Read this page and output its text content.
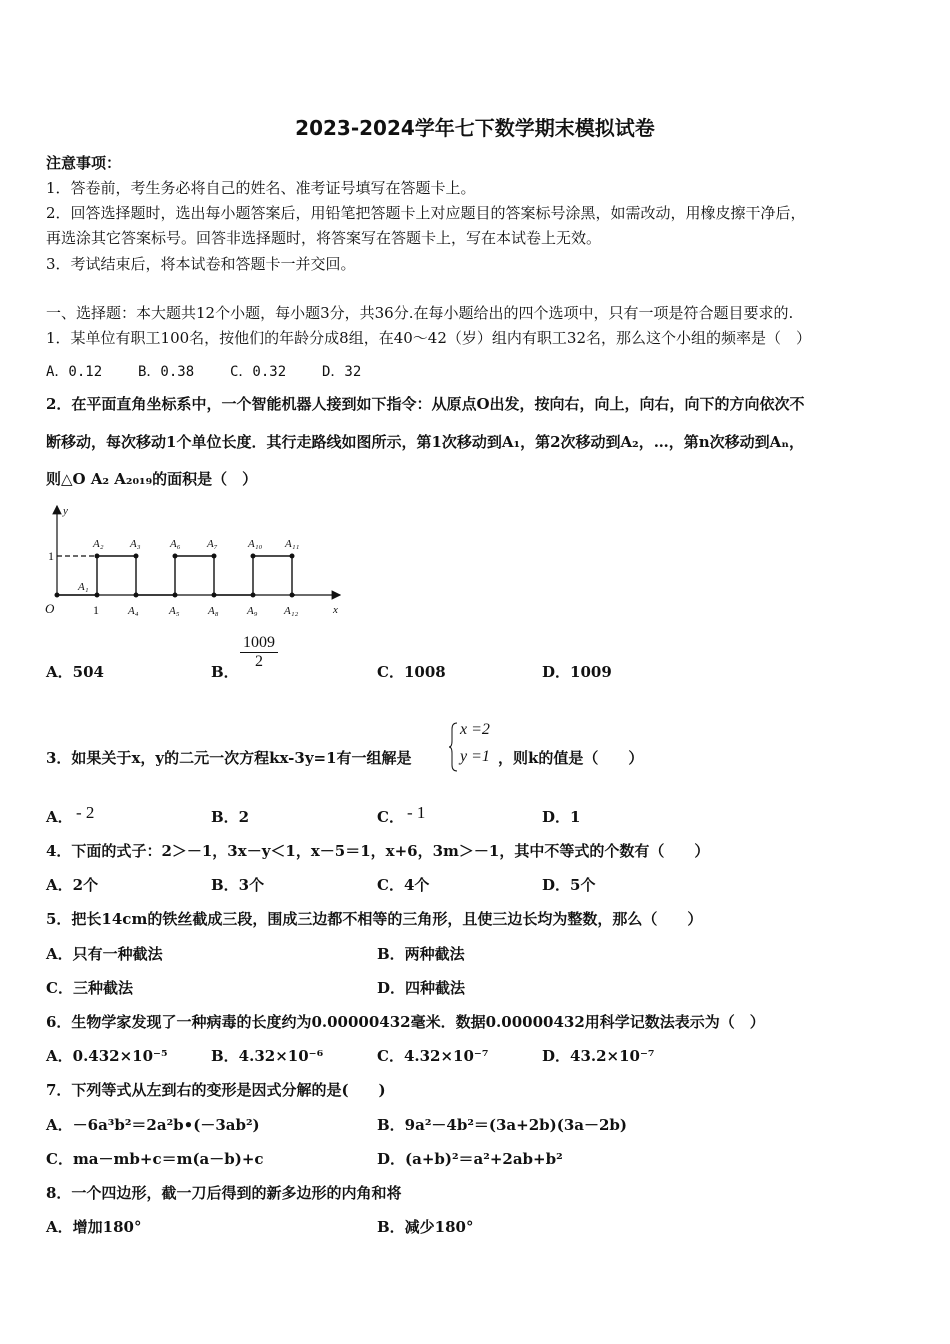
2023-2024学年七下数学期末模拟试卷
注意事项：
1．答卷前，考生务必将自己的姓名、准考证号填写在答题卡上。
2．回答选择题时，选出每小题答案后，用铅笔把答题卡上对应题目的答案标号涂黑，如需改动，用橡皮擦干净后，
再选涂其它答案标号。回答非选择题时，将答案写在答题卡上，写在本试卷上无效。
3．考试结束后，将本试卷和答题卡一并交回。
一、选择题：本大题共12个小题，每小题3分，共36分.在每小题给出的四个选项中，只有一项是符合题目要求的.
1．某单位有职工100名，按他们的年龄分成8组，在40～42（岁）组内有职工32名，那么这个小组的频率是（　）
A．0.12	B．0.38	C．0.32	D．32
2．在平面直角坐标系中，一个智能机器人接到如下指令：从原点O出发，按向右，向上，向右，向下的方向依次不
断移动，每次移动1个单位长度．其行走路线如图所示，第1次移动到A₁，第2次移动到A₂，…，第n次移动到Aₙ，
则△O A₂ A₂₀₁₉的面积是（　）
y
x
O
A₁
A₂ A₃	A₆ A₇	A₁₀ A₁₁
A₄	A₅	A₈	A₉ A₁₂
1
1
A．504	B．
$\frac{1009}{2}$
C．1008	D．1009
3．如果关于x，y的二元一次方程kx-3y=1有一组解是
x =2
y =1 ，则k的值是（　　）
A． - 2	B．2	C． - 1	D．1
4．下面的式子：2＞－1，3x－y＜1，x－5＝1，x+6，3m＞－1，其中不等式的个数有（　　）
A．2个	B．3个	C．4个	D．5个
5．把长14cm的铁丝截成三段，围成三边都不相等的三角形，且使三边长均为整数，那么（　　）
A．只有一种截法	B．两种截法
C．三种截法	D．四种截法
6．生物学家发现了一种病毒的长度约为0.00000432毫米．数据0.00000432用科学记数法表示为（　）
A．0.432×10⁻⁵	B．4.32×10⁻⁶	C．4.32×10⁻⁷	D．43.2×10⁻⁷
7．下列等式从左到右的变形是因式分解的是(　　)
A．－6a³b²＝2a²b•(－3ab²)	B．9a²－4b²＝(3a+2b)(3a－2b)
C．ma－mb+c＝m(a－b)+c	D．(a+b)²＝a²+2ab+b²
8．一个四边形，截一刀后得到的新多边形的内角和将
A．增加180°	B．减少180°
